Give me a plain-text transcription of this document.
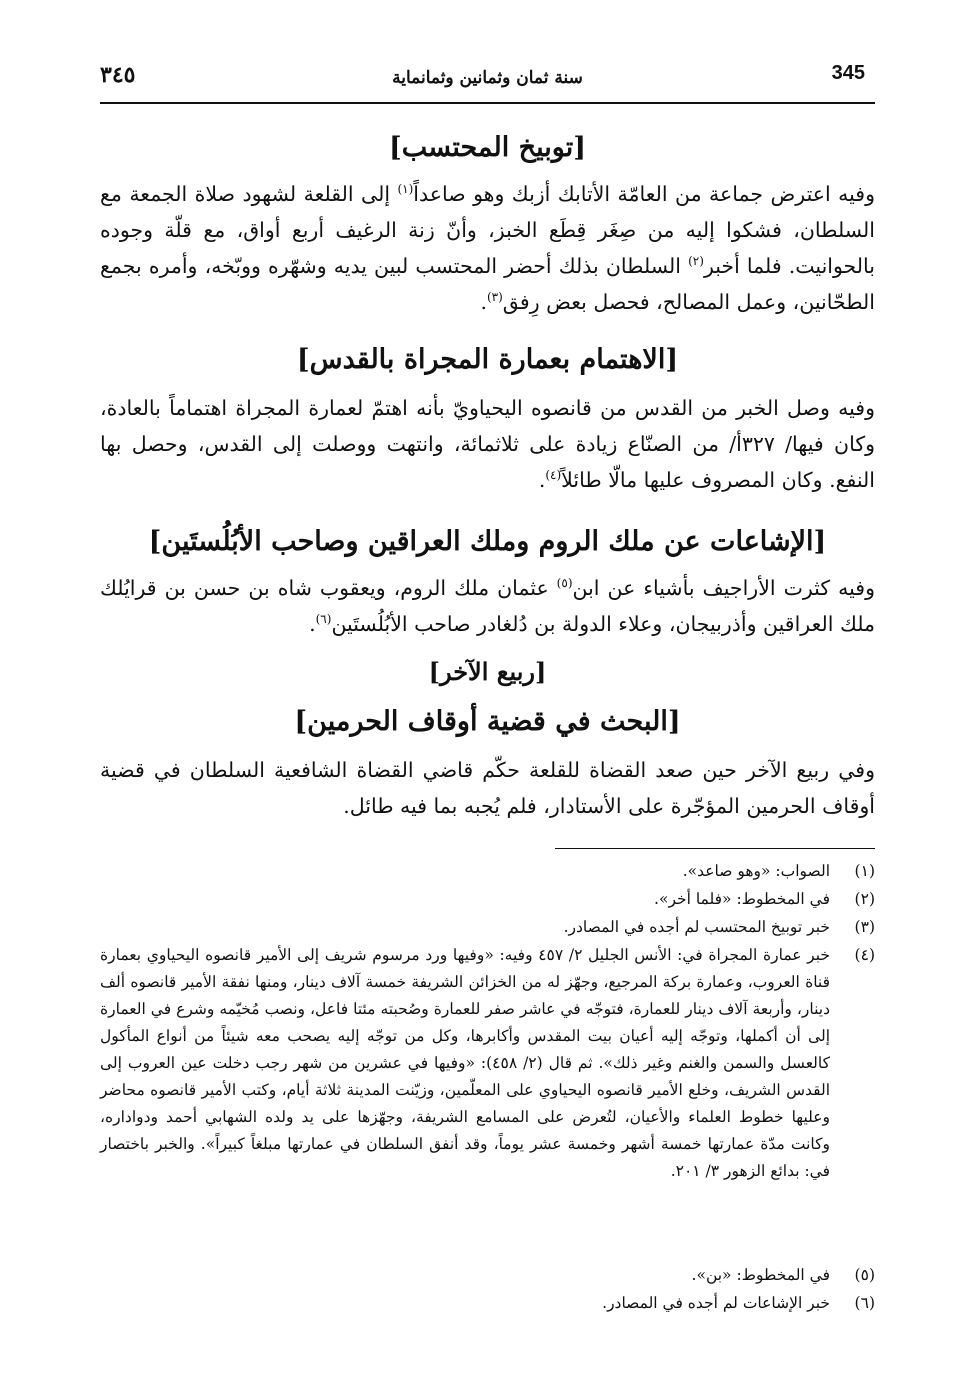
345
سنة ثمان وثمانين وثمانماية
٣٤٥
[توبيخ المحتسب]

وفيه اعترض جماعة من العامّة الأتابك أزبك وهو صاعداً$^{(١)}$ إلى القلعة لشهود صلاة الجمعة مع السلطان، فشكوا إليه من صِغَر قِطَع الخبز، وأنّ زنة الرغيف أربع أواق، مع قلّة وجوده بالحوانيت. فلما أخبر$^{(٢)}$ السلطان بذلك أحضر المحتسب لبين يديه وشهّره ووبّخه، وأمره بجمع الطحّانين، وعمل المصالح، فحصل بعض رِفق$^{(٣)}$.

[الاهتمام بعمارة المجراة بالقدس]

وفيه وصل الخبر من القدس من قانصوه اليحياويّ بأنه اهتمّ لعمارة المجراة اهتماماً بالعادة، وكان فيها/ ٣٢٧أ/ من الصنّاع زيادة على ثلاثمائة، وانتهت ووصلت إلى القدس، وحصل بها النفع. وكان المصروف عليها مالّا طائلاً$^{(٤)}$.

[الإشاعات عن ملك الروم وملك العراقين وصاحب الأبُلُستَين]

وفيه كثرت الأراجيف بأشياء عن ابن$^{(٥)}$ عثمان ملك الروم، ويعقوب شاه بن حسن بن قرايُلك ملك العراقين وأذربيجان، وعلاء الدولة بن دُلغادر صاحب الأبُلُستَين$^{(٦)}$.

[ربيع الآخر]
[البحث في قضية أوقاف الحرمين]

وفي ربيع الآخر حين صعد القضاة للقلعة حكّم قاضي القضاة الشافعية السلطان في قضية أوقاف الحرمين المؤجّرة على الأستادار، فلم يُجبه بما فيه طائل.

(١)
الصواب: «وهو صاعد».
(٢)
في المخطوط: «فلما أخر».
(٣)
خبر توبيخ المحتسب لم أجده في المصادر.
(٤)
خبر عمارة المجراة في: الأنس الجليل ٢/ ٤٥٧ وفيه: «وفيها ورد مرسوم شريف إلى الأمير قانصوه اليحياوي بعمارة قناة العروب، وعمارة بركة المرجيع، وجهّز له من الخزائن الشريفة خمسة آلاف دينار، ومنها نفقة الأمير قانصوه ألف دينار، وأربعة آلاف دينار للعمارة، فتوجّه في عاشر صفر للعمارة وصُحبته مئتا فاعل، ونصب مُخيّمه وشرع في العمارة إلى أن أكملها، وتوجّه إليه أعيان بيت المقدس وأكابرها، وكل من توجّه إليه يصحب معه شيئاً من أنواع المأكول كالعسل والسمن والغنم وغير ذلك». ثم قال (٢/ ٤٥٨): «وفيها في عشرين من شهر رجب دخلت عين العروب إلى القدس الشريف، وخلع الأمير قانصوه اليحياوي على المعلّمين، وزيّنت المدينة ثلاثة أيام، وكتب الأمير قانصوه محاضر وعليها خطوط العلماء والأعيان، لتُعرض على المسامع الشريفة، وجهّزها على يد ولده الشهابي أحمد ودواداره، وكانت مدّة عمارتها خمسة أشهر وخمسة عشر يوماً، وقد أنفق السلطان في عمارتها مبلغاً كبيراً». والخبر باختصار في: بدائع الزهور ٣/ ٢٠١.
(٥)
في المخطوط: «بن».
(٦)
خبر الإشاعات لم أجده في المصادر.
